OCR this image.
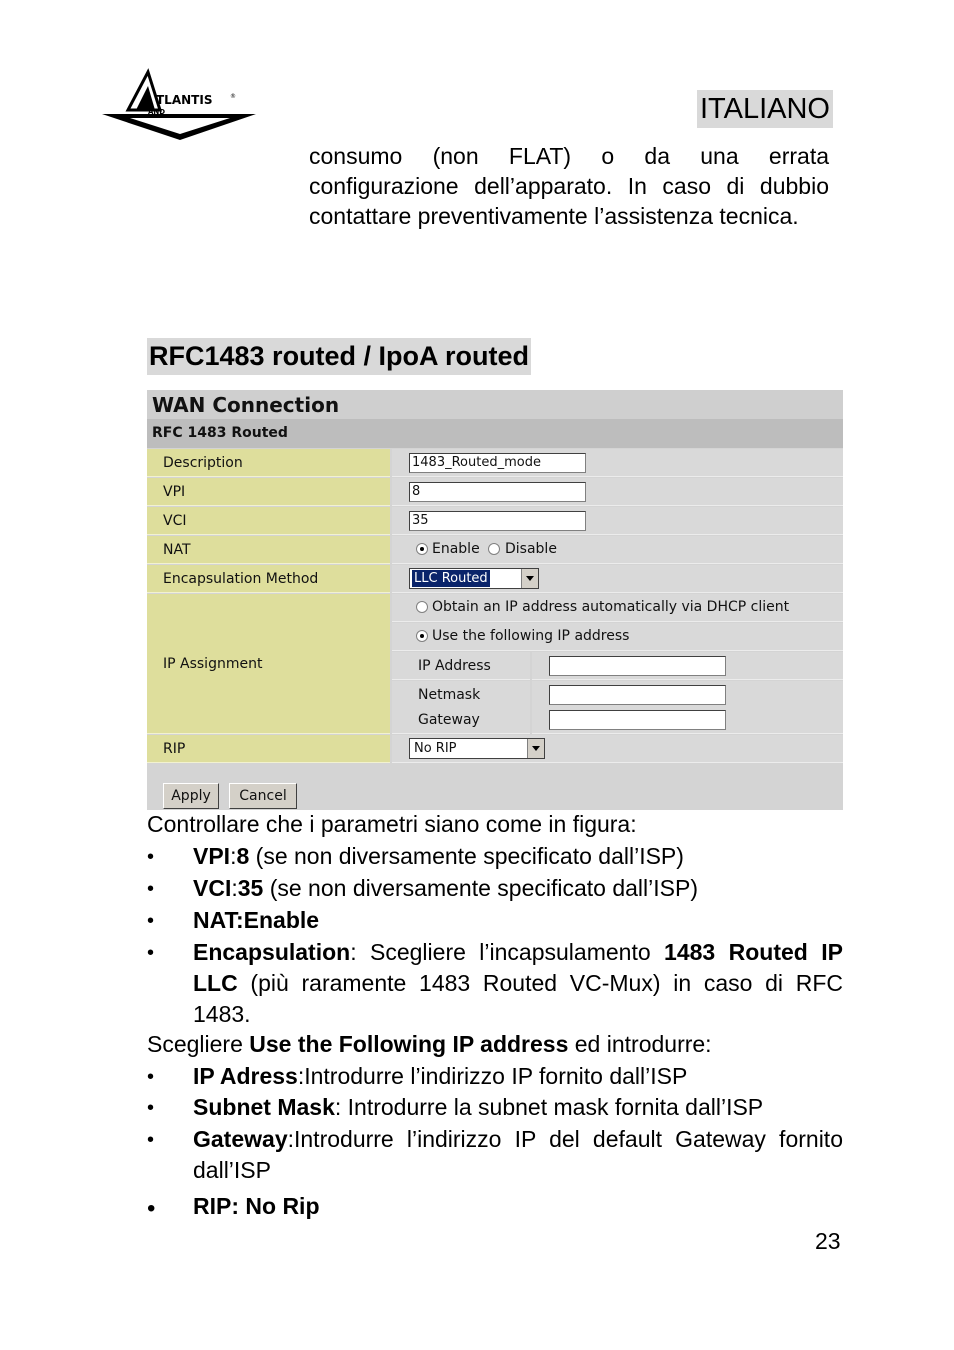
TLANTIS	®
AND	ITALIANO
consumo (non FLAT) o da una errata configurazione dell’apparato. In caso di dubbio contattare preventivamente l’assistenza tecnica.
RFC1483 routed / IpoA routed
WAN Connection
RFC 1483 Routed
Description	1483_Routed_mode
VPI	8
VCI	35
NAT	Enable Disable
Encapsulation Method	LLC Routed
IP Assignment
Obtain an IP address automatically via DHCP client
Use the following IP address
IP Address
Netmask
Gateway
RIP	No RIP
Apply	Cancel
Controllare che i parametri siano come in figura:
• VPI:8 (se non diversamente specificato dall’ISP)
• VCI:35 (se non diversamente specificato dall’ISP)
• NAT:Enable
• Encapsulation: Scegliere l’incapsulamento 1483 Routed IP LLC (più raramente 1483 Routed VC-Mux) in caso di RFC 1483.
Scegliere Use the Following IP address ed introdurre:
• IP Adress:Introdurre l’indirizzo IP fornito dall’ISP
• Subnet Mask: Introdurre la subnet mask fornita dall’ISP
• Gateway:Introdurre l’indirizzo IP del default Gateway fornito dall’ISP
• RIP: No Rip
23
